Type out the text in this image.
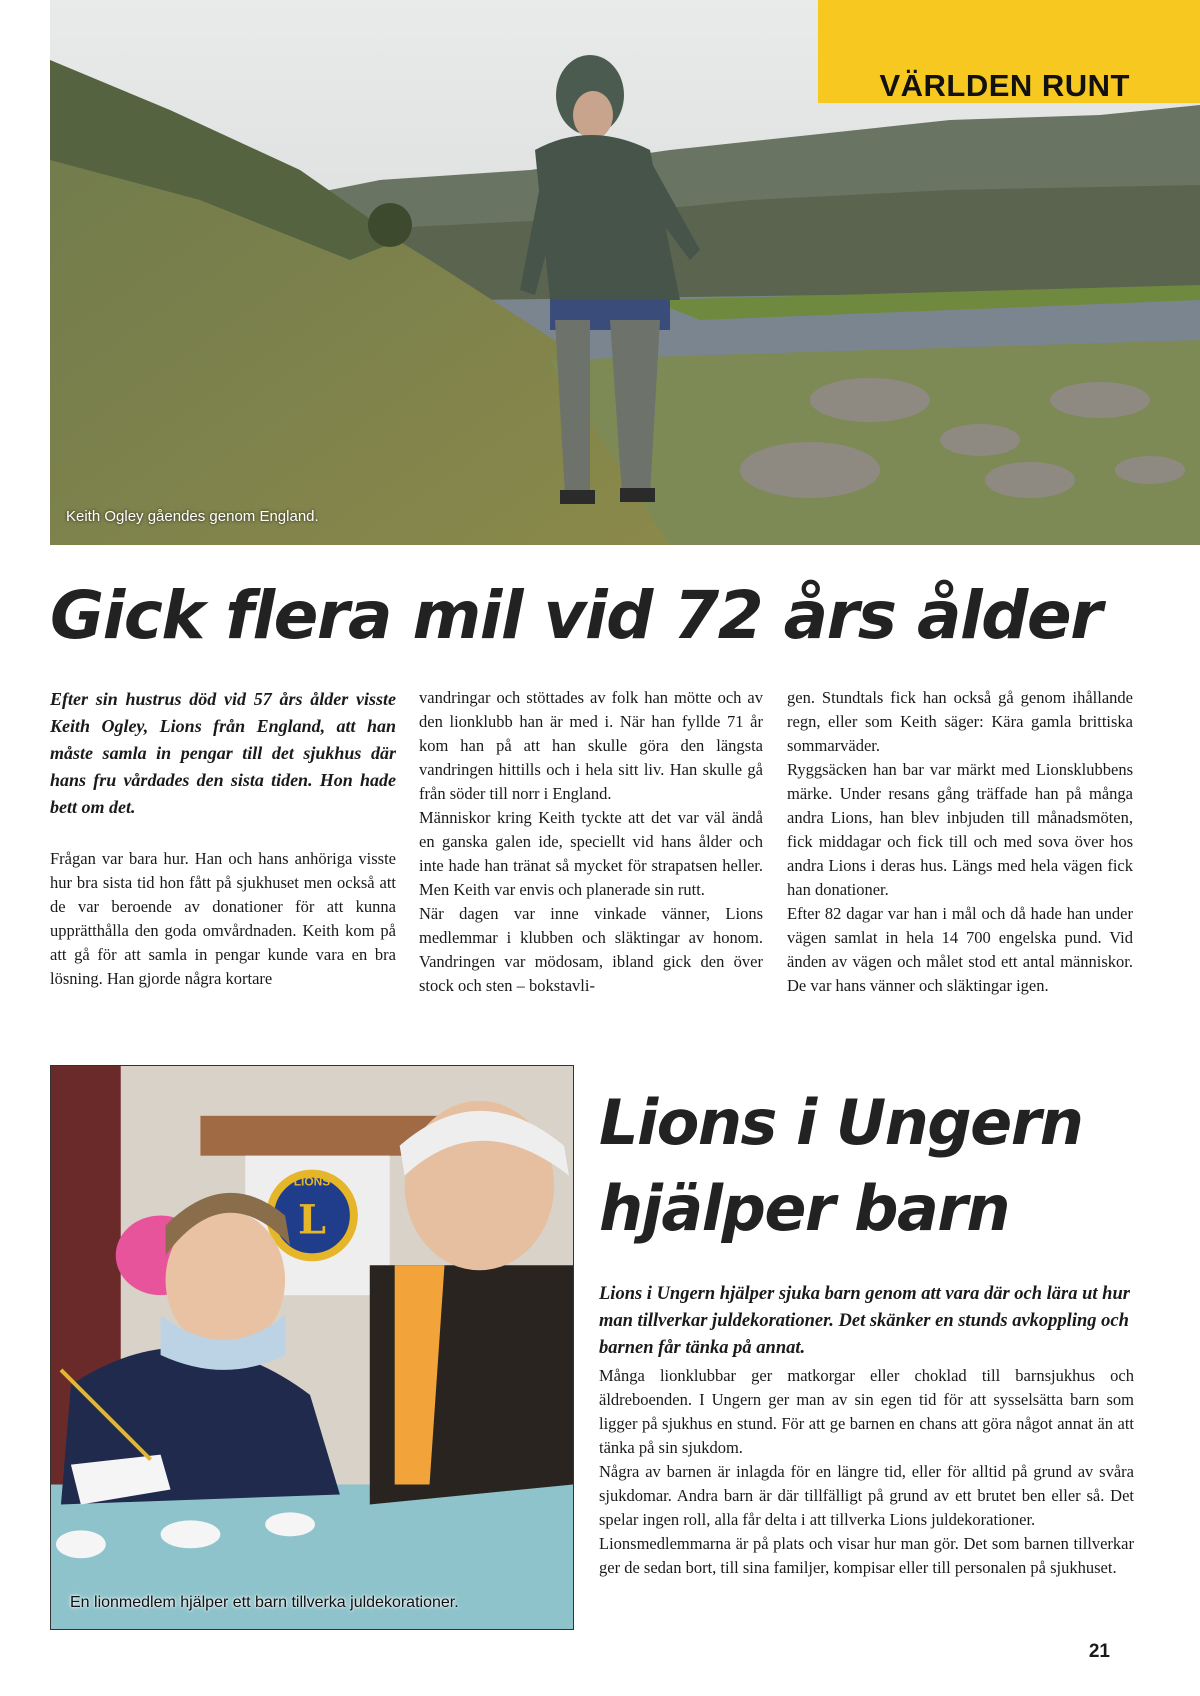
Keith Ogley gåendes genom England.
VÄRLDEN RUNT
Gick flera mil vid 72 års ålder

Efter sin hustrus död vid 57 års ålder visste Keith Ogley, Lions från England, att han måste samla in pengar till det sjukhus där hans fru vårdades den sista tiden. Hon hade bett om det.

Frågan var bara hur. Han och hans anhöriga visste hur bra sista tid hon fått på sjukhuset men också att de var beroende av donationer för att kunna upprätthålla den goda omvårdnaden. Keith kom på att gå för att samla in pengar kunde vara en bra lösning. Han gjorde några kortare

vandringar och stöttades av folk han mötte och av den lionklubb han är med i. När han fyllde 71 år kom han på att han skulle göra den längsta vandringen hittills och i hela sitt liv. Han skulle gå från söder till norr i England.

Människor kring Keith tyckte att det var väl ändå en ganska galen ide, speciellt vid hans ålder och inte hade han tränat så mycket för strapatsen heller. Men Keith var envis och planerade sin rutt.

När dagen var inne vinkade vänner, Lions medlemmar i klubben och släktingar av honom. Vandringen var mödosam, ibland gick den över stock och sten – bokstavli-

gen. Stundtals fick han också gå genom ihållande regn, eller som Keith säger: Kära gamla brittiska sommarväder.

Ryggsäcken han bar var märkt med Lionsklubbens märke. Under resans gång träffade han på många andra Lions, han blev inbjuden till månadsmöten, fick middagar och fick till och med sova över hos andra Lions i deras hus. Längs med hela vägen fick han donationer.

Efter 82 dagar var han i mål och då hade han under vägen samlat in hela 14 700 engelska pund. Vid änden av vägen och målet stod ett antal människor. De var hans vänner och släktingar igen.

L
LIONS
En lionmedlem hjälper ett barn tillverka juldekorationer.
Lions i Ungern hjälper barn

Lions i Ungern hjälper sjuka barn genom att vara där och lära ut hur man tillverkar juldekorationer. Det skänker en stunds avkoppling och barnen får tänka på annat.

Många lionklubbar ger matkorgar eller choklad till barnsjukhus och äldreboenden. I Ungern ger man av sin egen tid för att sysselsätta barn som ligger på sjukhus en stund. För att ge barnen en chans att göra något annat än att tänka på sin sjukdom.

Några av barnen är inlagda för en längre tid, eller för alltid på grund av svåra sjukdomar. Andra barn är där tillfälligt på grund av ett brutet ben eller så. Det spelar ingen roll, alla får delta i att tillverka Lions juldekorationer.

Lionsmedlemmarna är på plats och visar hur man gör. Det som barnen tillverkar ger de sedan bort, till sina familjer, kompisar eller till personalen på sjukhuset.

21
